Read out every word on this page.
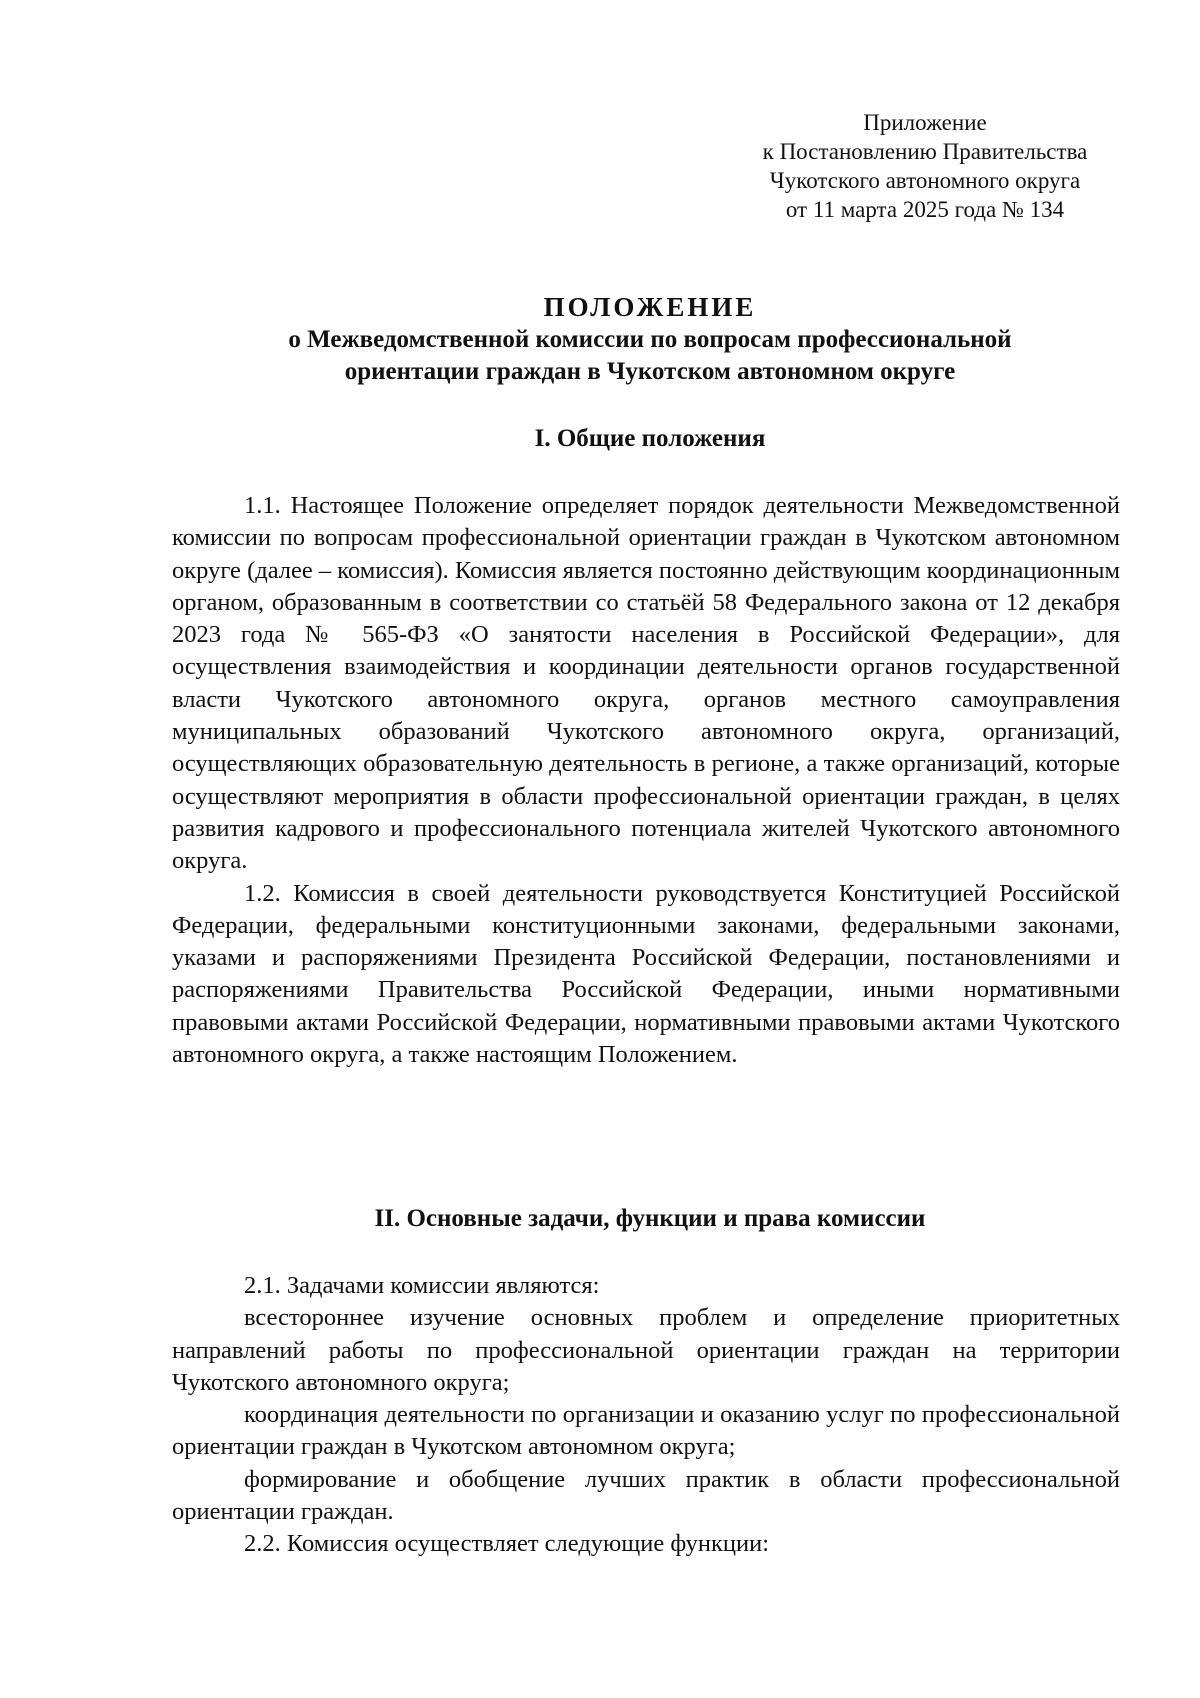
Приложение
к Постановлению Правительства
Чукотского автономного округа
от 11 марта 2025 года № 134
ПОЛОЖЕНИЕ
о Межведомственной комиссии по вопросам профессиональной
ориентации граждан в Чукотском автономном округе
I. Общие положения

1.1. Настоящее Положение определяет порядок деятельности Межведомственной комиссии по вопросам профессиональной ориентации граждан в Чукотском автономном округе (далее – комиссия). Комиссия является постоянно действующим координационным органом, образованным в соответствии со статьёй 58 Федерального закона от 12 декабря 2023 года № 565-ФЗ «О занятости населения в Российской Федерации», для осуществления взаимодействия и координации деятельности органов государственной власти Чукотского автономного округа, органов местного самоуправления муниципальных образований Чукотского автономного округа, организаций, осуществляющих образовательную деятельность в регионе, а также организаций, которые осуществляют мероприятия в области профессиональной ориентации граждан, в целях развития кадрового и профессионального потенциала жителей Чукотского автономного округа.

1.2. Комиссия в своей деятельности руководствуется Конституцией Российской Федерации, федеральными конституционными законами, федеральными законами, указами и распоряжениями Президента Российской Федерации, постановлениями и распоряжениями Правительства Российской Федерации, иными нормативными правовыми актами Российской Федерации, нормативными правовыми актами Чукотского автономного округа, а также настоящим Положением.

II. Основные задачи, функции и права комиссии

2.1. Задачами комиссии являются:

всестороннее изучение основных проблем и определение приоритетных направлений работы по профессиональной ориентации граждан на территории Чукотского автономного округа;

координация деятельности по организации и оказанию услуг по профессиональной ориентации граждан в Чукотском автономном округа;

формирование и обобщение лучших практик в области профессиональной ориентации граждан.

2.2. Комиссия осуществляет следующие функции:
